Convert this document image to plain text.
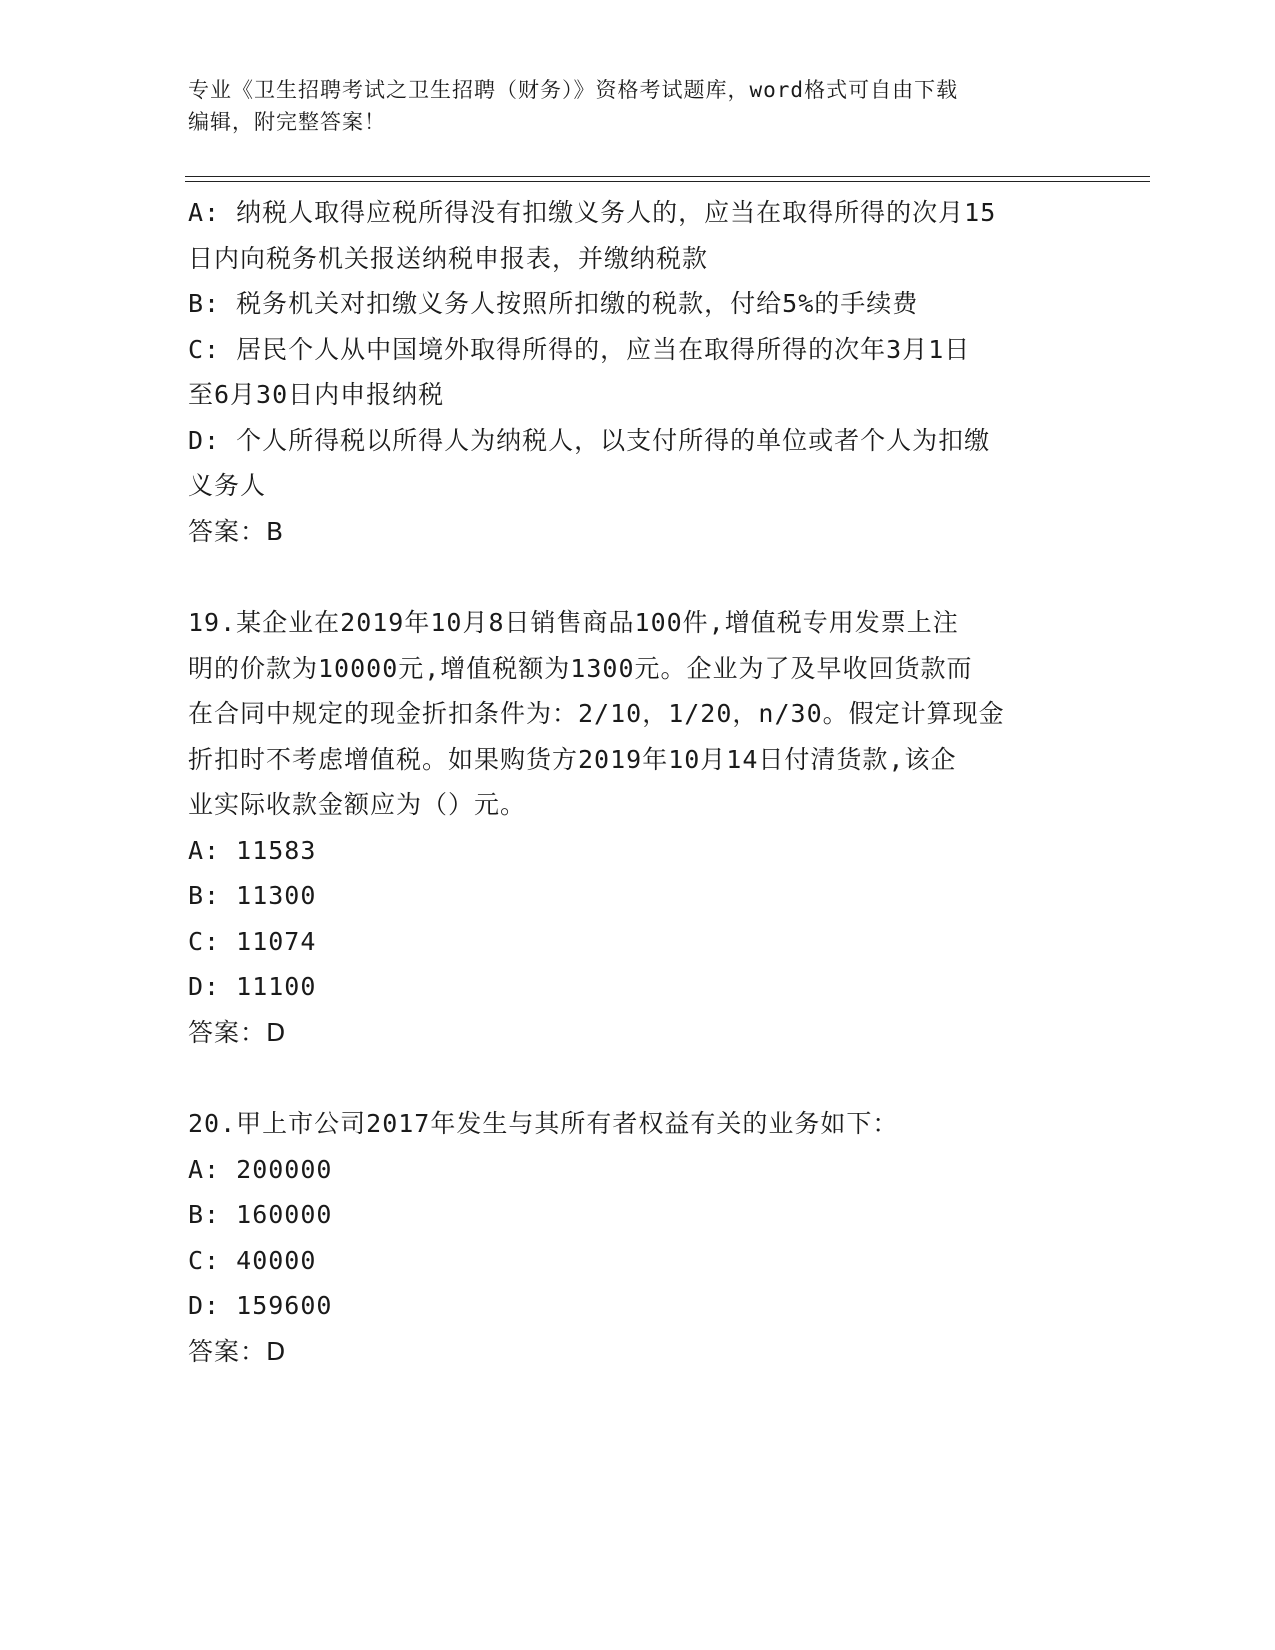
专业《卫生招聘考试之卫生招聘（财务）》资格考试题库，word格式可自由下载
编辑，附完整答案！

A: 纳税人取得应税所得没有扣缴义务人的，应当在取得所得的次月15

日内向税务机关报送纳税申报表，并缴纳税款

B: 税务机关对扣缴义务人按照所扣缴的税款，付给5%的手续费

C: 居民个人从中国境外取得所得的，应当在取得所得的次年3月1日

至6月30日内申报纳税

D: 个人所得税以所得人为纳税人，以支付所得的单位或者个人为扣缴

义务人

答案：B

19.某企业在2019年10月8日销售商品100件,增值税专用发票上注

明的价款为10000元,增值税额为1300元。企业为了及早收回货款而

在合同中规定的现金折扣条件为：2/10，1/20，n/30。假定计算现金

折扣时不考虑增值税。如果购货方2019年10月14日付清货款,该企

业实际收款金额应为（）元。

A: 11583

B: 11300

C: 11074

D: 11100

答案：D

20.甲上市公司2017年发生与其所有者权益有关的业务如下：

A: 200000

B: 160000

C: 40000

D: 159600

答案：D
